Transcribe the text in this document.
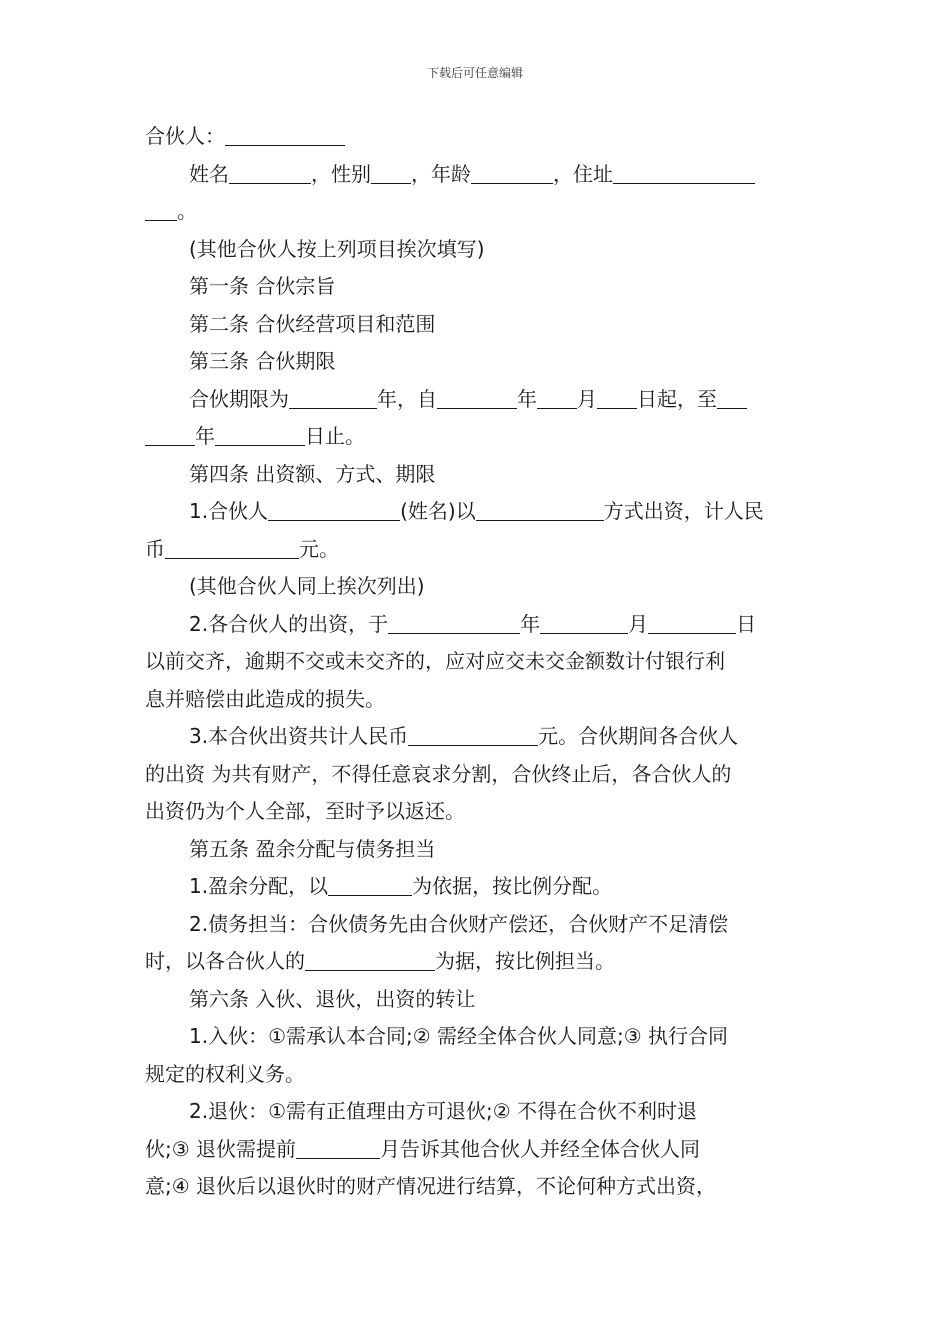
下载后可任意编辑

合伙人：

姓名	，性别 ，年龄	，住址

。

(其他合伙人按上列项目挨次填写)

第一条 合伙宗旨

第二条 合伙经营项目和范围

第三条 合伙期限

合伙期限为	年，自	年 月 日起，至

年	日止。

第四条 出资额、方式、期限

1.合伙人	(姓名)以	方式出资，计人民

币	元。

(其他合伙人同上挨次列出)

2.各合伙人的出资，于	年	月	日

以前交齐，逾期不交或未交齐的，应对应交未交金额数计付银行利

息并赔偿由此造成的损失。

3.本合伙出资共计人民币	元。合伙期间各合伙人

的出资 为共有财产，不得任意哀求分割，合伙终止后，各合伙人的

出资仍为个人全部，至时予以返还。

第五条 盈余分配与债务担当

1.盈余分配，以	为依据，按比例分配。

2.债务担当：合伙债务先由合伙财产偿还，合伙财产不足清偿

时，以各合伙人的	为据，按比例担当。

第六条 入伙、退伙，出资的转让

1.入伙：①需承认本合同;② 需经全体合伙人同意;③ 执行合同

规定的权利义务。

2.退伙：①需有正值理由方可退伙;② 不得在合伙不利时退

伙;③ 退伙需提前	月告诉其他合伙人并经全体合伙人同

意;④ 退伙后以退伙时的财产情况进行结算，不论何种方式出资，
